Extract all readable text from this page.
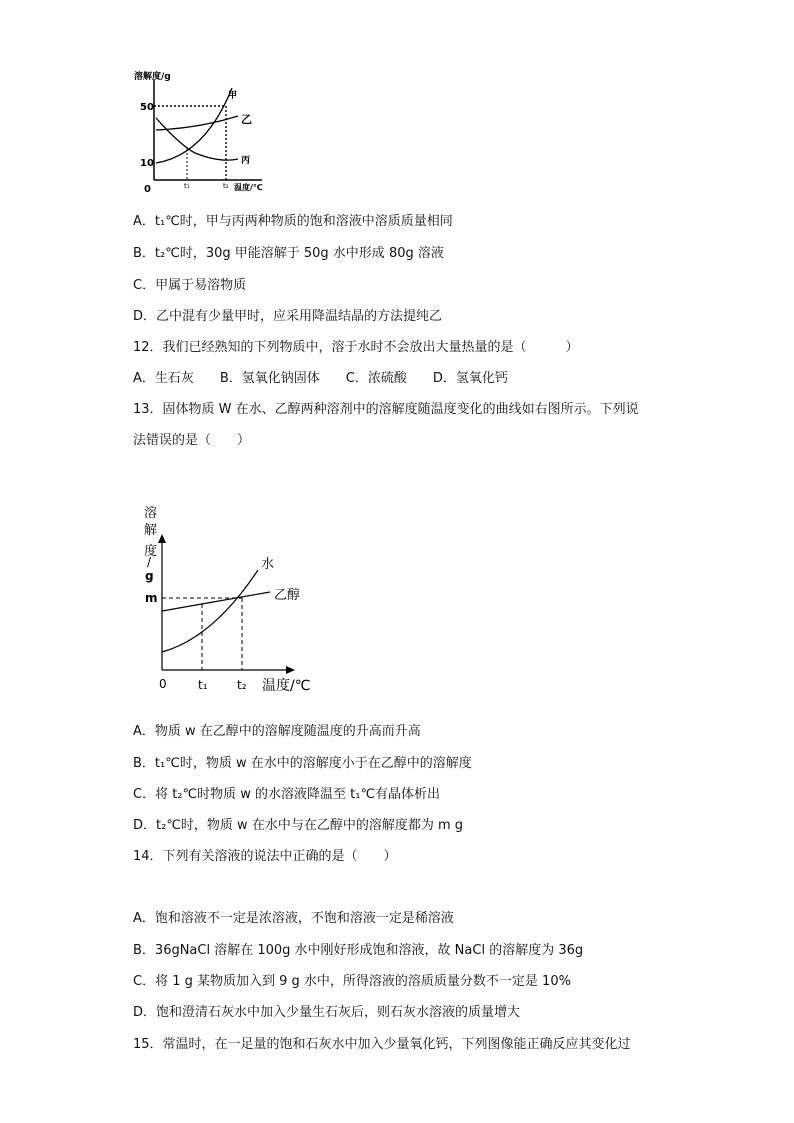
溶解度/g
50
10
0	t₁	t₂ 温度/℃
甲
乙
丙
A．t₁℃时，甲与丙两种物质的饱和溶液中溶质质量相同
B．t₂℃时，30g 甲能溶解于 50g 水中形成 80g 溶液
C．甲属于易溶物质
D．乙中混有少量甲时，应采用降温结晶的方法提纯乙
12．我们已经熟知的下列物质中，溶于水时不会放出大量热量的是（　　　）
A．生石灰　　B．氢氧化钠固体　　C．浓硫酸　　D．氢氧化钙
13．固体物质 W 在水、乙醇两种溶剂中的溶解度随温度变化的曲线如右图所示。下列说
法错误的是（　　）
溶
解
度
/
g
m
0	t₁ t₂ 温度/℃
水
乙醇
A．物质 w 在乙醇中的溶解度随温度的升高而升高
B．t₁℃时，物质 w 在水中的溶解度小于在乙醇中的溶解度
C．将 t₂℃时物质 w 的水溶液降温至 t₁℃有晶体析出
D．t₂℃时，物质 w 在水中与在乙醇中的溶解度都为 m g
14．下列有关溶液的说法中正确的是（　　）
A．饱和溶液不一定是浓溶液，不饱和溶液一定是稀溶液
B．36gNaCl 溶解在 100g 水中刚好形成饱和溶液，故 NaCl 的溶解度为 36g
C．将 1 g 某物质加入到 9 g 水中，所得溶液的溶质质量分数不一定是 10%
D．饱和澄清石灰水中加入少量生石灰后，则石灰水溶液的质量增大
15．常温时，在一足量的饱和石灰水中加入少量氧化钙，下列图像能正确反应其变化过
